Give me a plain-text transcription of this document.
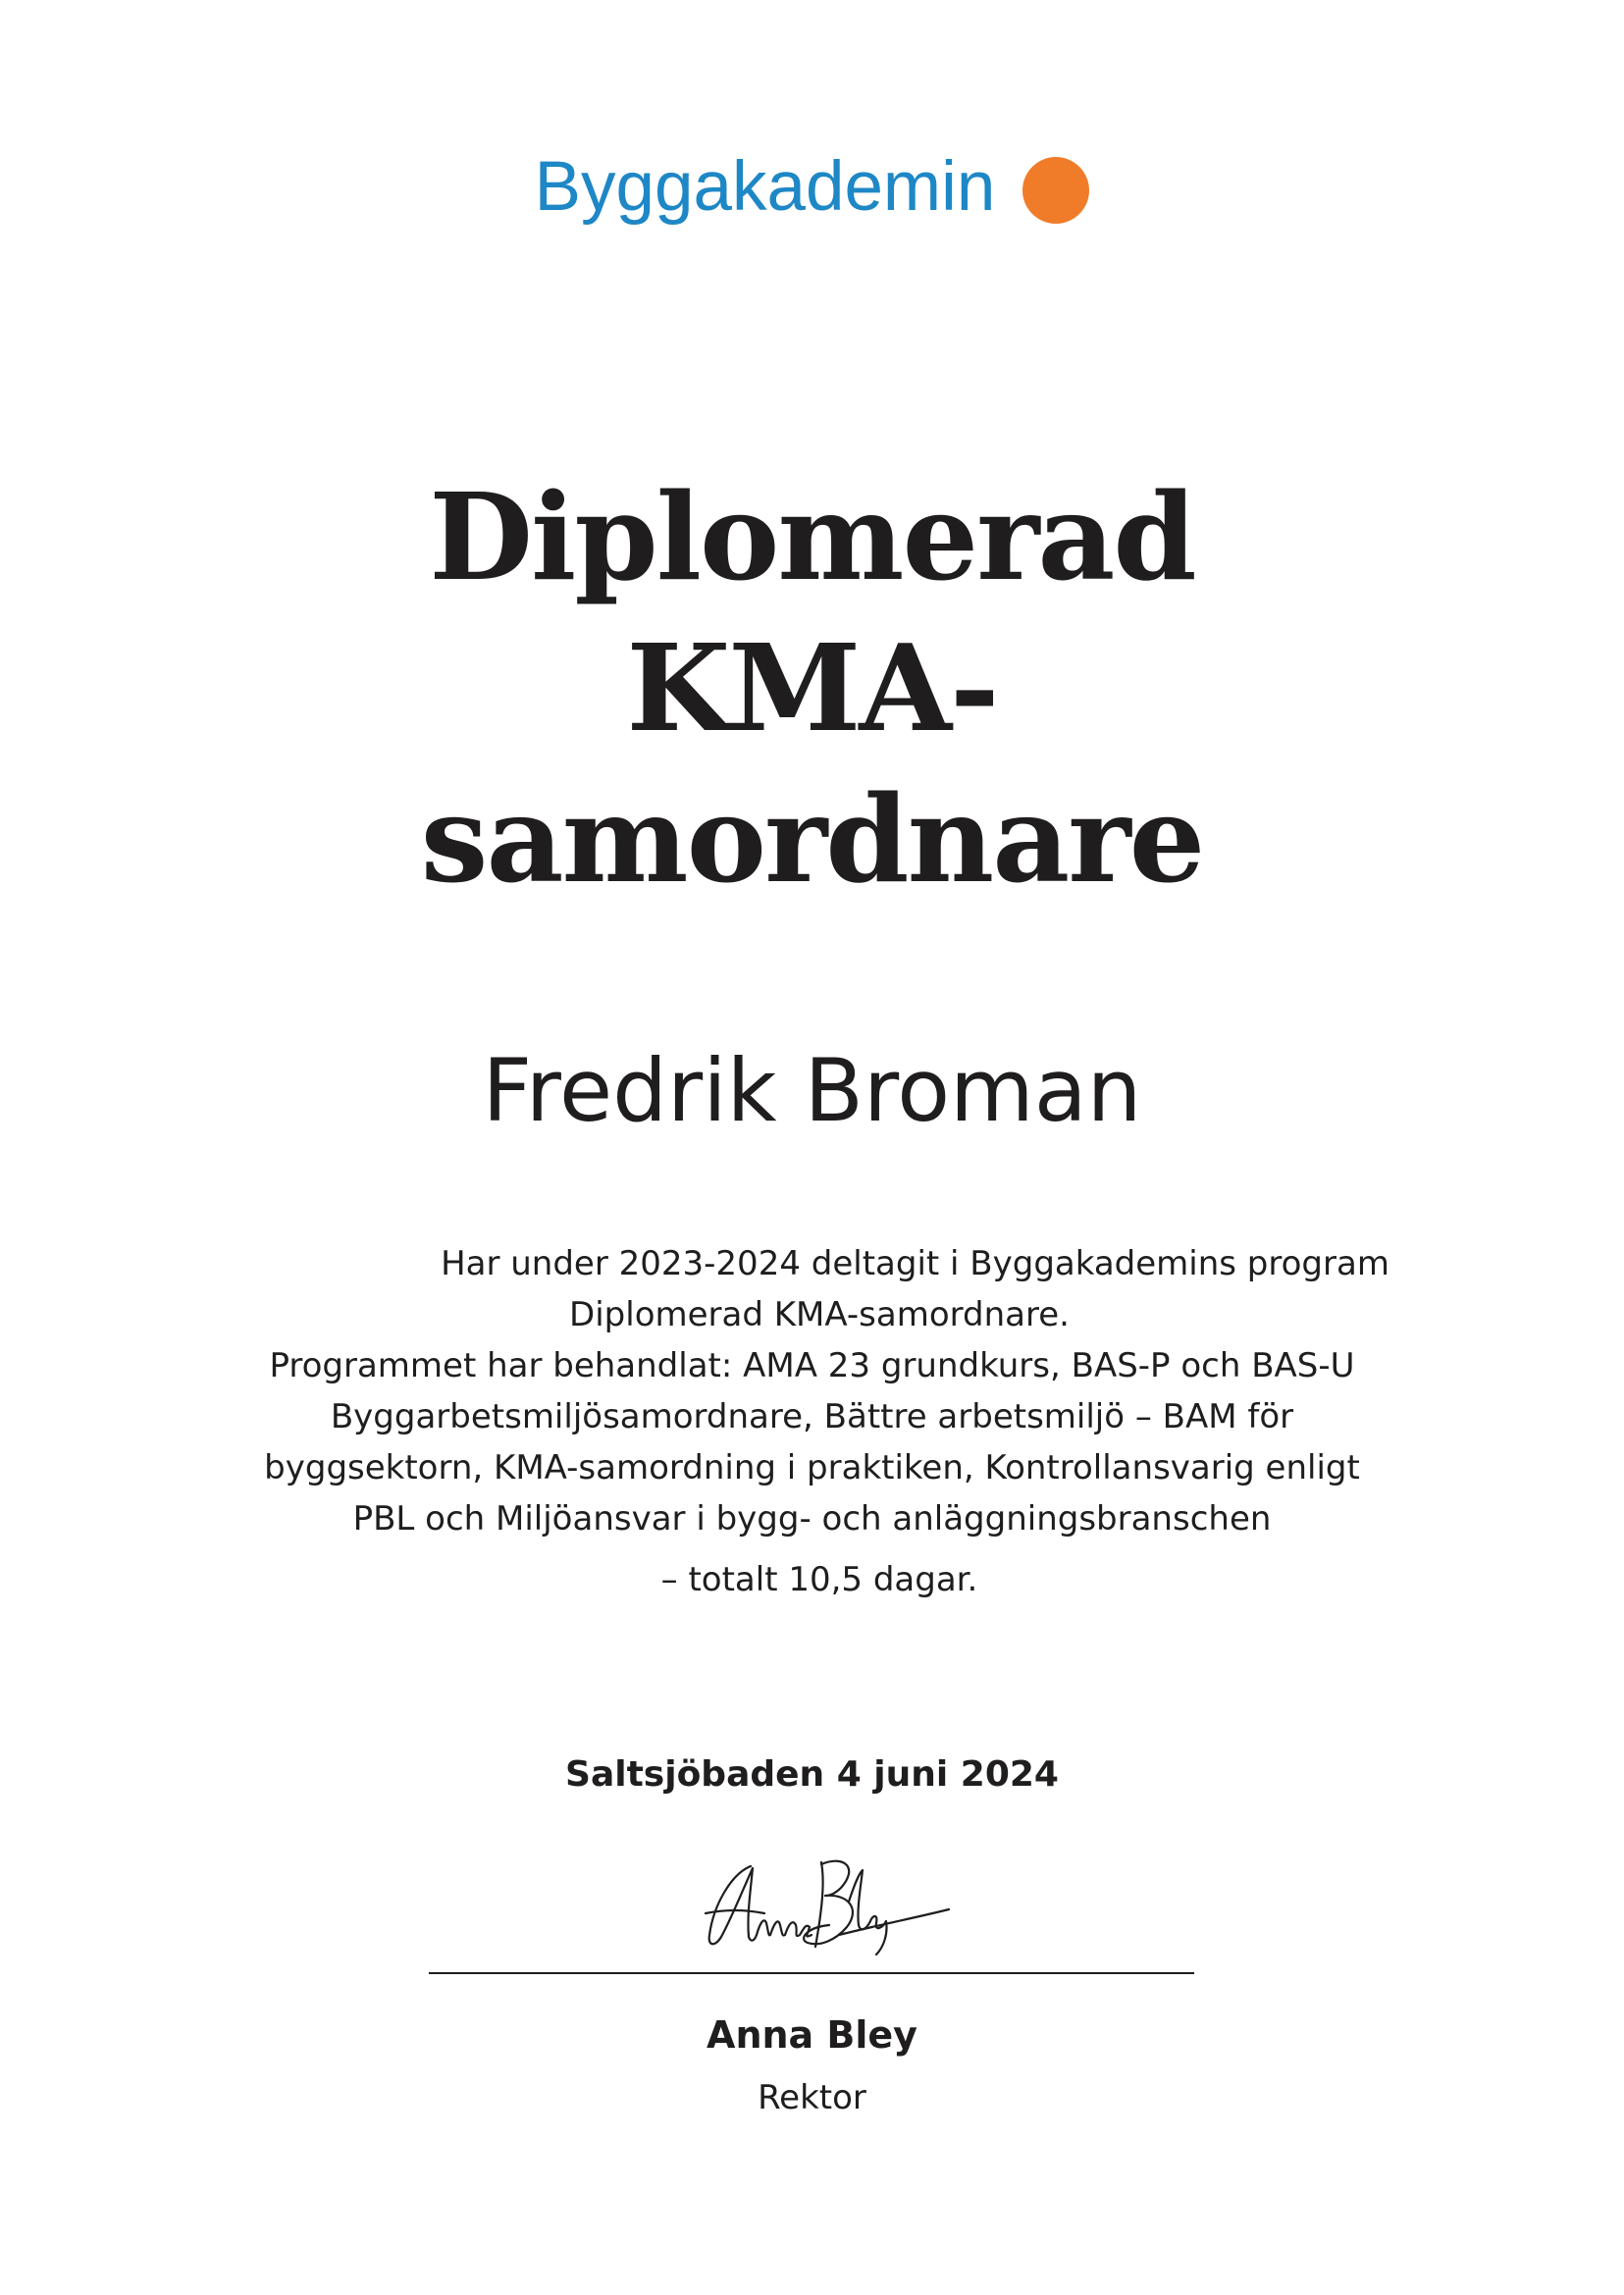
Byggakademin
Diplomerad
KMA-
samordnare
Fredrik Broman
Har under 2023-2024 deltagit i Byggakademins program
Diplomerad KMA-samordnare.
Programmet har behandlat: AMA 23 grundkurs, BAS-P och BAS-U
Byggarbetsmiljösamordnare, Bättre arbetsmiljö – BAM för
byggsektorn, KMA-samordning i praktiken, Kontrollansvarig enligt
PBL och Miljöansvar i bygg- och anläggningsbranschen
– totalt 10,5 dagar.
Saltsjöbaden 4 juni 2024
Anna Bley
Rektor
